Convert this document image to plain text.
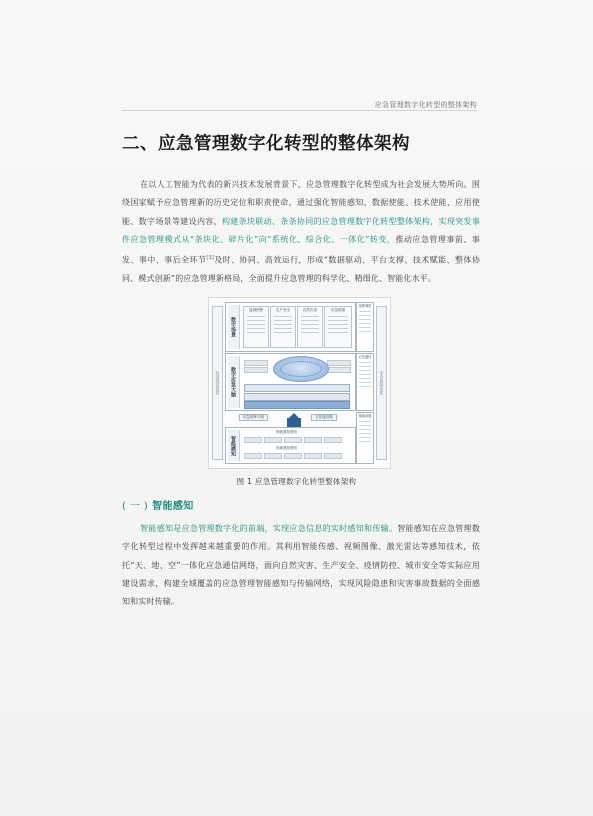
应急管理数字化转型的整体架构
二、应急管理数字化转型的整体架构
在以人工智能为代表的新兴技术发展背景下，应急管理数字化转型成为社会发展大势所向。围绕国家赋予应急管理新的历史定位和职责使命，通过强化智能感知、数据使能、技术使能、应用使能、数字场景等建设内容，构建条块联动、条条协同的应急管理数字化转型整体架构，实现突发事件应急管理模式从“条块化、碎片化”向“系统化、综合化、一体化”转变，推动应急管理事前、事发、事中、事后全环节[3]及时、协同、高效运行，形成“数据驱动、平台支撑、技术赋能、整体协同、模式创新”的应急管理新格局，全面提升应急管理的科学化、精细化、智能化水平。
标准规范体系	安全保障体系
数字场景
监测预警	生产安全	自然灾害	应急救援
指挥调度
数字应急大脑
应急通信
应急指挥专网	卫星通信网
智能感知
物联感知网络
视频感知网络
基础设施
图 1 应急管理数字化转型整体架构
( 一 ) 智能感知
智能感知是应急管理数字化的前端，实现应急信息的实时感知和传输。智能感知在应急管理数字化转型过程中发挥越来越重要的作用。其利用智能传感、视频图像、激光雷达等感知技术，依托“天、地、空”一体化应急通信网络，面向自然灾害、生产安全、疫情防控、城市安全等实际应用建设需求，构建全域覆盖的应急管理智能感知与传输网络，实现风险隐患和灾害事故数据的全面感知和实时传输。
